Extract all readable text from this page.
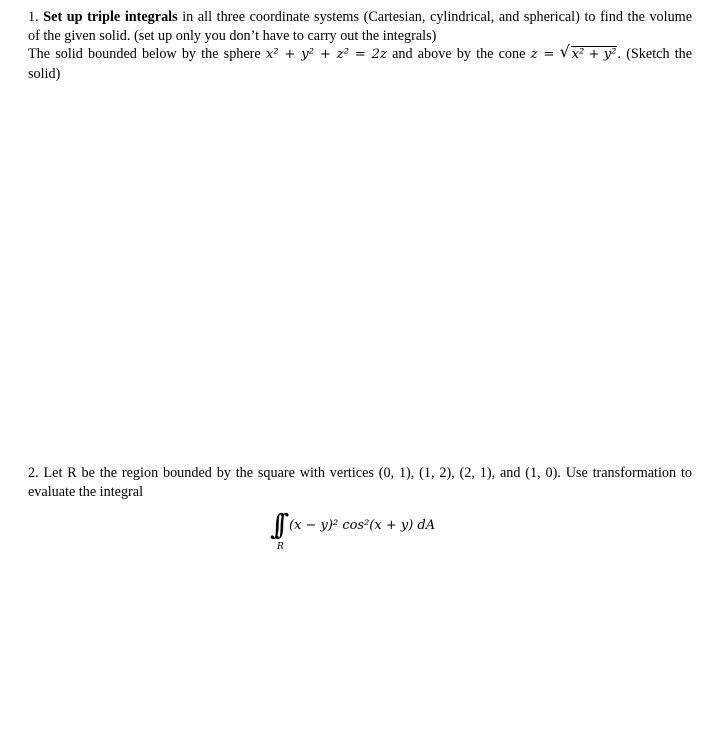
1. Set up triple integrals in all three coordinate systems (Cartesian, cylindrical, and spherical) to find the volume
of the given solid. (set up only you don’t have to carry out the integrals)
The solid bounded below by the sphere x² + y² + z² = 2z and above by the cone z = √ x² + y². (Sketch the
solid)
2. Let R be the region bounded by the square with vertices (0, 1), (1, 2), (2, 1), and (1, 0). Use transformation to
evaluate the integral
∫∫
R
(x − y)² cos²(x + y) dA
